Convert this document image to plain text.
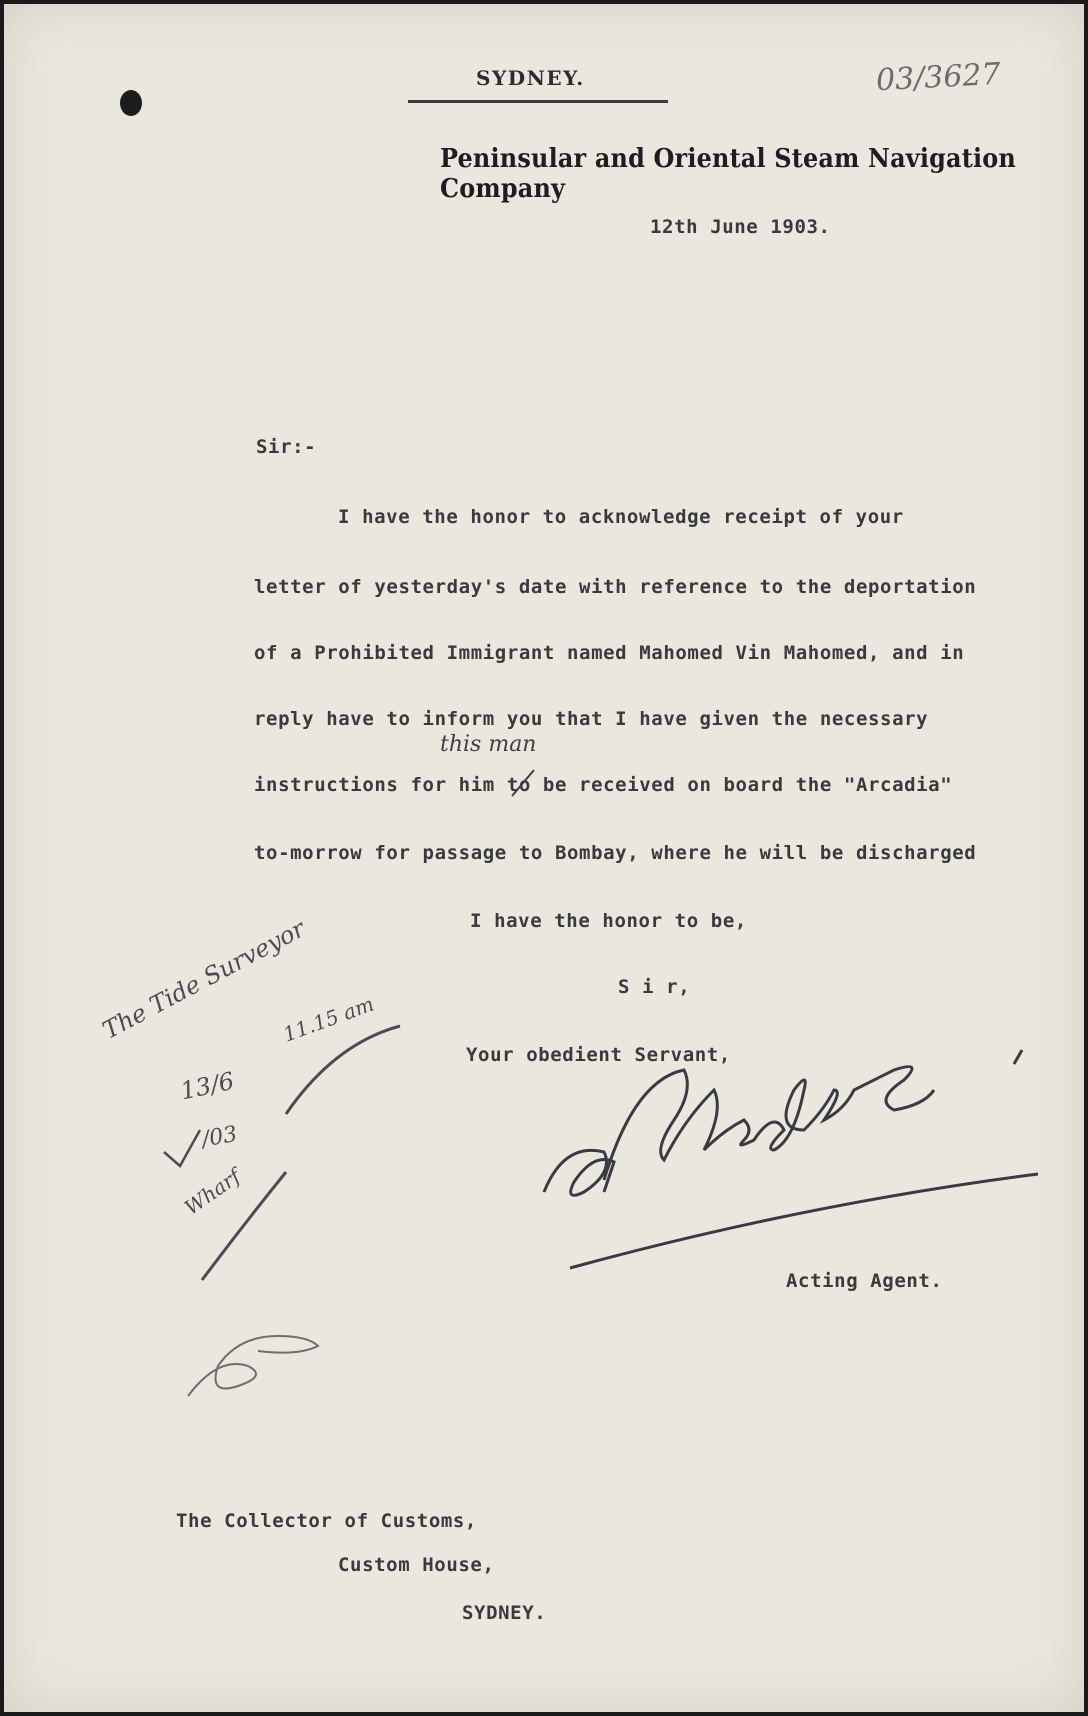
SYDNEY.	03/3627
Peninsular and Oriental Steam Navigation Company
12th June 1903.
Sir:-
I have the honor to acknowledge receipt of your
letter of yesterday's date with reference to the deportation
of a Prohibited Immigrant named Mahomed Vin Mahomed, and in
reply have to inform you that I have given the necessary
this man
instructions for him to be received on board the "Arcadia"
to-morrow for passage to Bombay, where he will be discharged
I have the honor to be,
S i r,
Your obedient Servant,
The Tide Surveyor
11.15 am
13/6
/03
Wharf
Acting Agent.
The Collector of Customs,
Custom House,
SYDNEY.
